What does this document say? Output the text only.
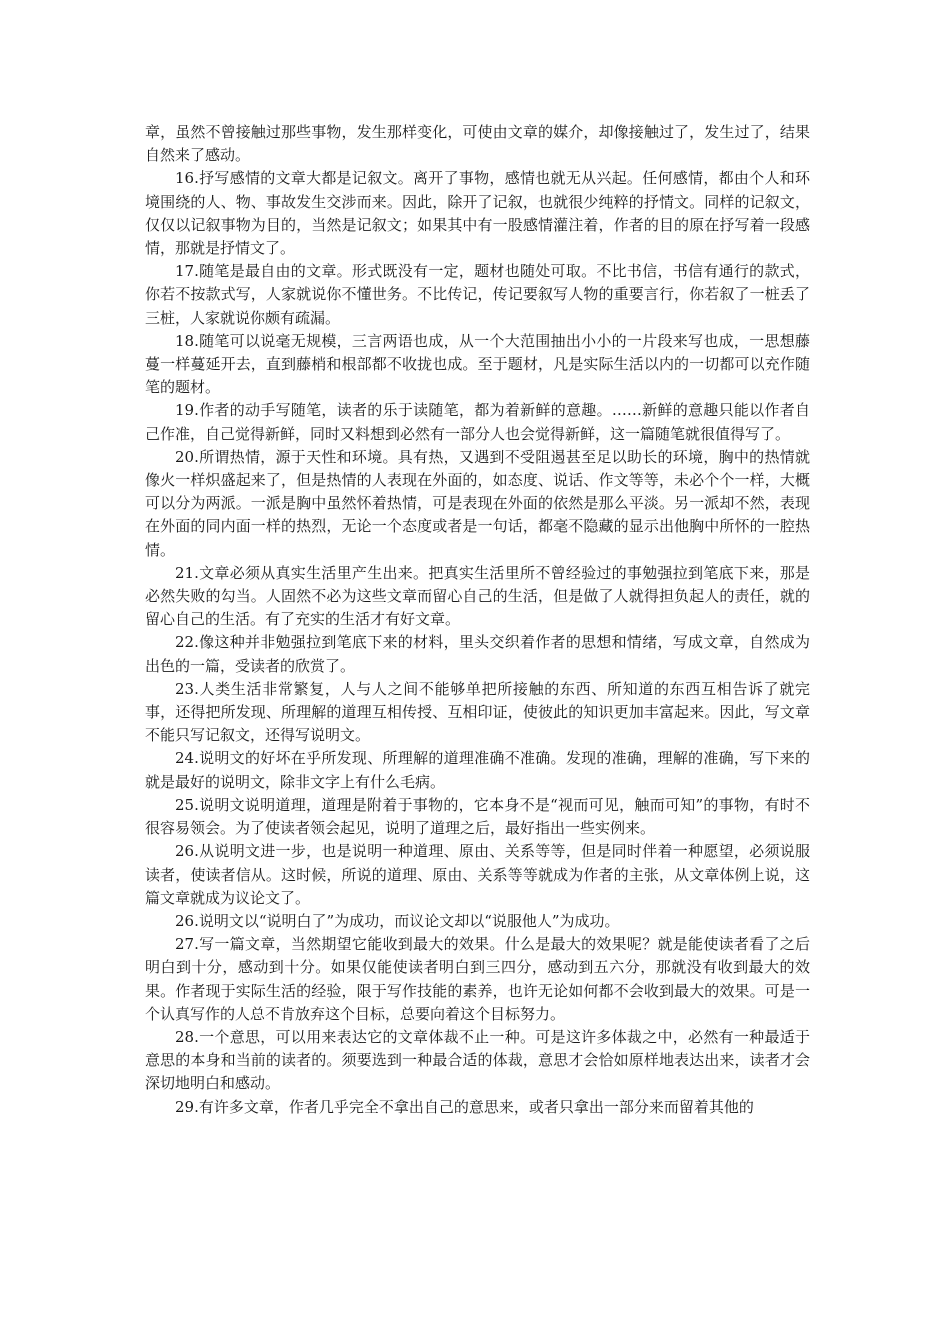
章，虽然不曾接触过那些事物，发生那样变化，可使由文章的媒介，却像接触过了，发生过了，结果自然来了感动。

16.抒写感情的文章大都是记叙文。离开了事物，感情也就无从兴起。任何感情，都由个人和环境围绕的人、物、事故发生交涉而来。因此，除开了记叙，也就很少纯粹的抒情文。同样的记叙文，仅仅以记叙事物为目的，当然是记叙文；如果其中有一股感情灌注着，作者的目的原在抒写着一段感情，那就是抒情文了。

17.随笔是最自由的文章。形式既没有一定，题材也随处可取。不比书信，书信有通行的款式，你若不按款式写，人家就说你不懂世务。不比传记，传记要叙写人物的重要言行，你若叙了一桩丢了三桩，人家就说你颇有疏漏。

18.随笔可以说毫无规模，三言两语也成，从一个大范围抽出小小的一片段来写也成，一思想藤蔓一样蔓延开去，直到藤梢和根部都不收拢也成。至于题材，凡是实际生活以内的一切都可以充作随笔的题材。

19.作者的动手写随笔，读者的乐于读随笔，都为着新鲜的意趣。……新鲜的意趣只能以作者自己作准，自己觉得新鲜，同时又料想到必然有一部分人也会觉得新鲜，这一篇随笔就很值得写了。

20.所谓热情，源于天性和环境。具有热，又遇到不受阻遏甚至足以助长的环境，胸中的热情就像火一样炽盛起来了，但是热情的人表现在外面的，如态度、说话、作文等等，未必个个一样，大概可以分为两派。一派是胸中虽然怀着热情，可是表现在外面的依然是那么平淡。另一派却不然，表现在外面的同内面一样的热烈，无论一个态度或者是一句话，都毫不隐藏的显示出他胸中所怀的一腔热情。

21.文章必须从真实生活里产生出来。把真实生活里所不曾经验过的事勉强拉到笔底下来，那是必然失败的勾当。人固然不必为这些文章而留心自己的生活，但是做了人就得担负起人的责任，就的留心自己的生活。有了充实的生活才有好文章。

22.像这种并非勉强拉到笔底下来的材料，里头交织着作者的思想和情绪，写成文章，自然成为出色的一篇，受读者的欣赏了。

23.人类生活非常繁复，人与人之间不能够单把所接触的东西、所知道的东西互相告诉了就完事，还得把所发现、所理解的道理互相传授、互相印证，使彼此的知识更加丰富起来。因此，写文章不能只写记叙文，还得写说明文。

24.说明文的好坏在乎所发现、所理解的道理准确不准确。发现的准确，理解的准确，写下来的就是最好的说明文，除非文字上有什么毛病。

25.说明文说明道理，道理是附着于事物的，它本身不是“视而可见，触而可知”的事物，有时不很容易领会。为了使读者领会起见，说明了道理之后，最好指出一些实例来。

26.从说明文进一步，也是说明一种道理、原由、关系等等，但是同时伴着一种愿望，必须说服读者，使读者信从。这时候，所说的道理、原由、关系等等就成为作者的主张，从文章体例上说，这篇文章就成为议论文了。

26.说明文以“说明白了”为成功，而议论文却以“说服他人”为成功。

27.写一篇文章，当然期望它能收到最大的效果。什么是最大的效果呢？就是能使读者看了之后明白到十分，感动到十分。如果仅能使读者明白到三四分，感动到五六分，那就没有收到最大的效果。作者现于实际生活的经验，限于写作技能的素养，也许无论如何都不会收到最大的效果。可是一个认真写作的人总不肯放弃这个目标，总要向着这个目标努力。

28.一个意思，可以用来表达它的文章体裁不止一种。可是这许多体裁之中，必然有一种最适于意思的本身和当前的读者的。须要选到一种最合适的体裁，意思才会恰如原样地表达出来，读者才会深切地明白和感动。

29.有许多文章，作者几乎完全不拿出自己的意思来，或者只拿出一部分来而留着其他的
